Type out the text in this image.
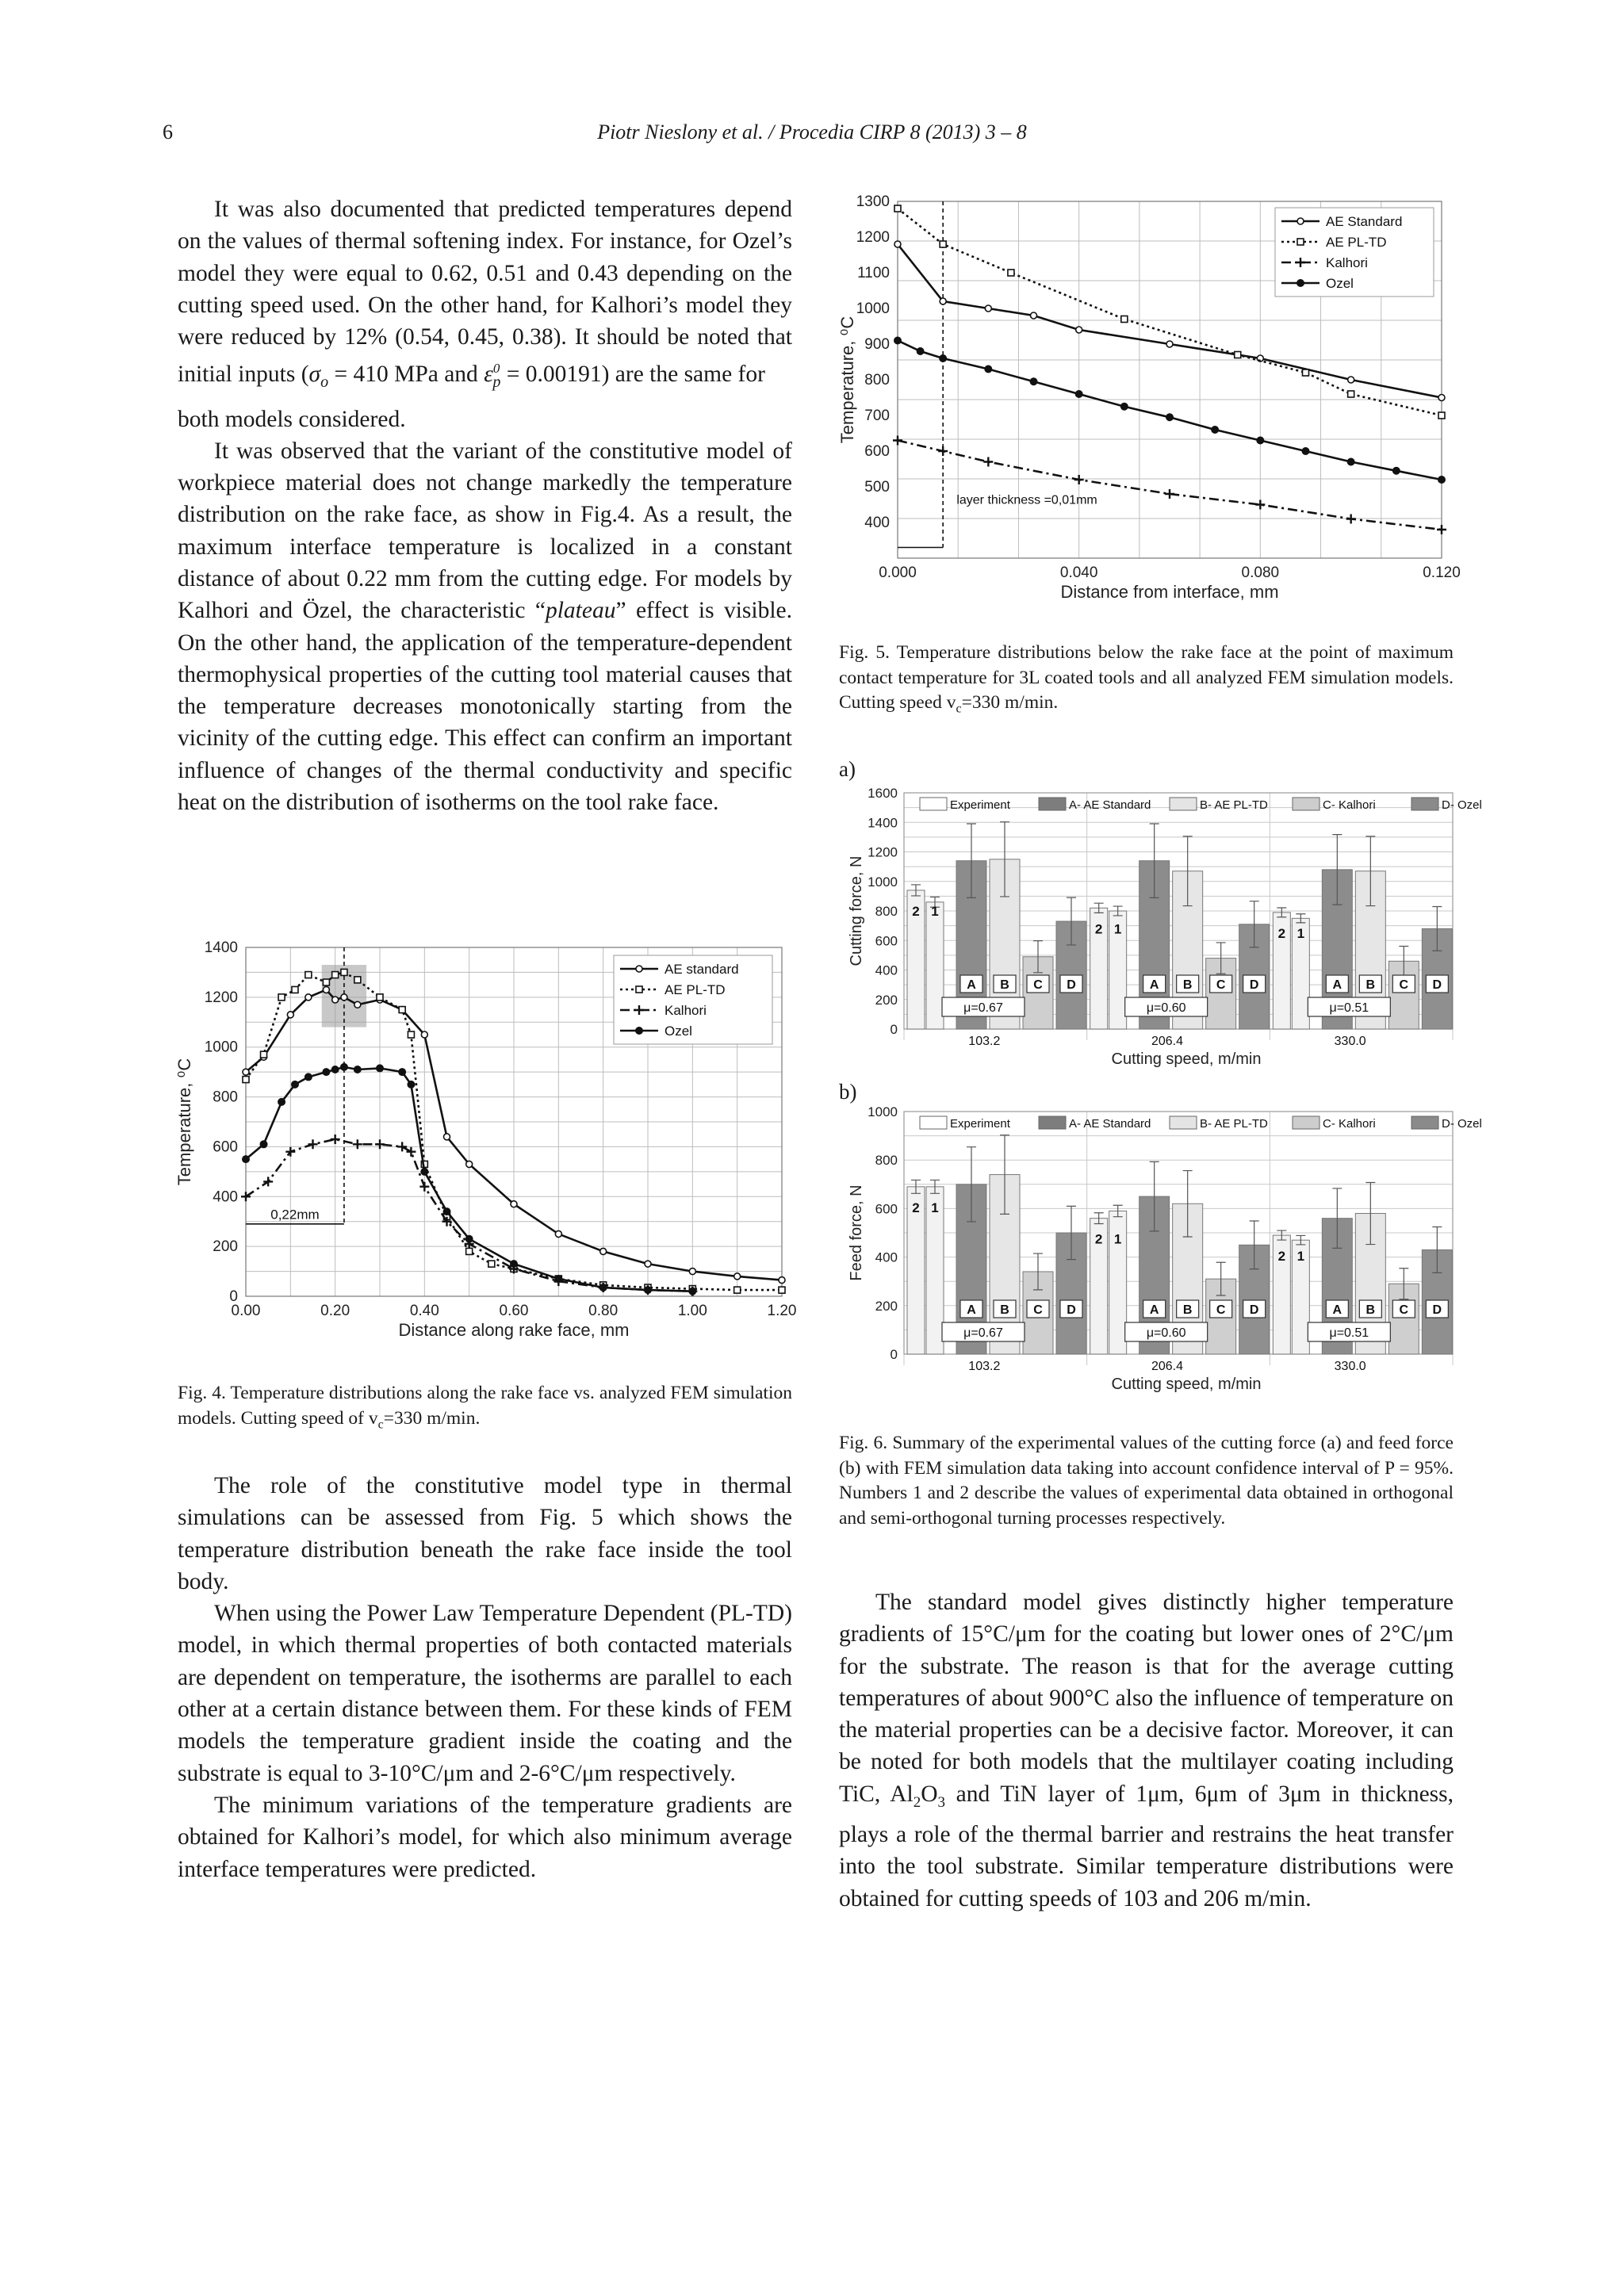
6	Piotr Nieslony et al. / Procedia CIRP 8 (2013) 3 – 8

It was also documented that predicted temperatures depend on the values of thermal softening index. For instance, for Ozel’s model they were equal to 0.62, 0.51 and 0.43 depending on the cutting speed used. On the other hand, for Kalhori’s model they were reduced by 12% (0.54, 0.45, 0.38). It should be noted that initial inputs ($\sigma_o = 410$ MPa and $\varepsilon^0_p = 0.00191$) are the same for

both models considered.

It was observed that the variant of the constitutive model of workpiece material does not change markedly the temperature distribution on the rake face, as show in Fig.4. As a result, the maximum interface temperature is localized in a constant distance of about 0.22 mm from the cutting edge. For models by Kalhori and Özel, the characteristic “plateau” effect is visible. On the other hand, the application of the temperature-dependent thermophysical properties of the cutting tool material causes that the temperature decreases monotonically starting from the vicinity of the cutting edge. This effect can confirm an important influence of changes of the thermal conductivity and specific heat on the distribution of isotherms on the tool rake face.

0.00	0.20	0.40	0.60	0.80	1.00	1.20
0
200
400
600
800
1000
1200
1400
Distance along rake face, mm
Temperature, ⁰C
0,22mm
AE standard
AE PL-TD
Kalhori
Ozel
Fig. 4. Temperature distributions along the rake face vs. analyzed FEM simulation models. Cutting speed of $v_c=330$ m/min.

The role of the constitutive model type in thermal simulations can be assessed from Fig. 5 which shows the temperature distribution beneath the rake face inside the tool body.

When using the Power Law Temperature Dependent (PL-TD) model, in which thermal properties of both contacted materials are dependent on temperature, the isotherms are parallel to each other at a certain distance between them. For these kinds of FEM models the temperature gradient inside the coating and the substrate is equal to 3-10°C/μm and 2-6°C/μm respectively.

The minimum variations of the temperature gradients are obtained for Kalhori’s model, for which also minimum average interface temperatures were predicted.

0.000	0.040	0.080	0.120
400
500
600
700
800
900
1000
1100
1200
1300
Distance from interface, mm
Temperature, ⁰C
layer thickness =0,01mm
AE Standard
AE PL-TD
Kalhori
Ozel
Fig. 5. Temperature distributions below the rake face at the point of maximum contact temperature for 3L coated tools and all analyzed FEM simulation models. Cutting speed $v_c=330$ m/min.
a)
0
200
400
600
800
1000
1200
1400
1600
Cutting force, N
Cutting speed, m/min
Experiment	A- AE Standard	B- AE PL-TD	C- Kalhori	D- Ozel
2 1
A B C D
μ=0.67
103.2
2 1
A B C D
μ=0.60
206.4
2 1
A B C D
μ=0.51
330.0
b)
0
200
400
600
800
1000
Feed force, N
Cutting speed, m/min
Experiment	A- AE Standard	B- AE PL-TD	C- Kalhori	D- Ozel
2 1
A B C D
μ=0.67
103.2
2 1
A B C D
μ=0.60
206.4
2 1
A B C D
μ=0.51
330.0
Fig. 6. Summary of the experimental values of the cutting force (a) and feed force (b) with FEM simulation data taking into account confidence interval of P = 95%. Numbers 1 and 2 describe the values of experimental data obtained in orthogonal and semi-orthogonal turning processes respectively.

The standard model gives distinctly higher temperature gradients of 15°C/μm for the coating but lower ones of 2°C/μm for the substrate. The reason is that for the average cutting temperatures of about 900°C also the influence of temperature on the material properties can be a decisive factor. Moreover, it can be noted for both models that the multilayer coating including TiC, $Al_2O_3$ and TiN layer of 1μm, 6μm of 3μm in thickness, plays a role of the thermal barrier and restrains the heat transfer into the tool substrate. Similar temperature distributions were obtained for cutting speeds of 103 and 206 m/min.
